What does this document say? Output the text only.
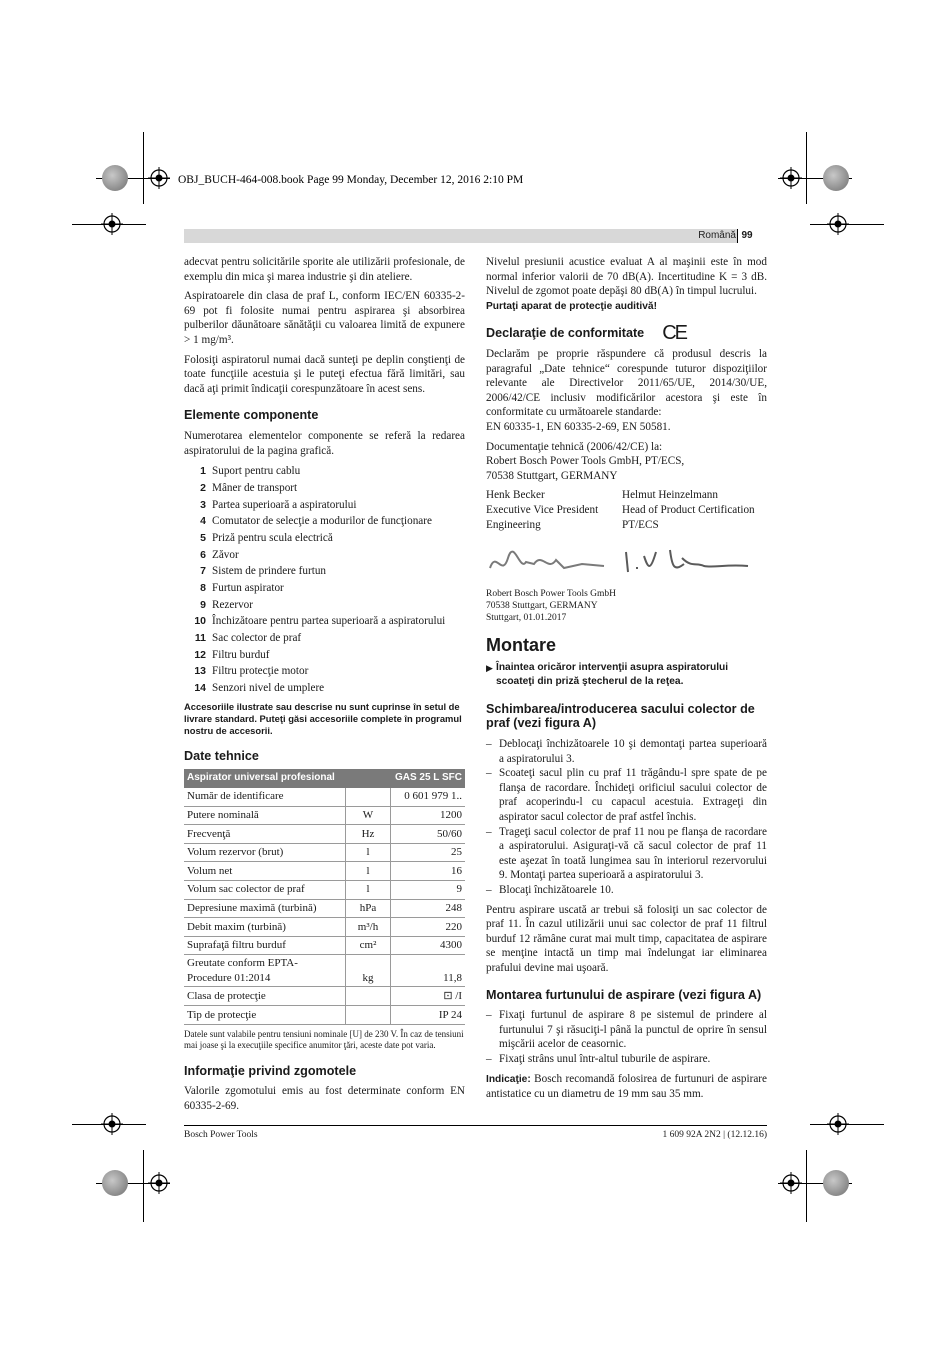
OBJ_BUCH-464-008.book Page 99 Monday, December 12, 2016 2:10 PM
Română 99

adecvat pentru solicitările sporite ale utilizării profesionale, de exemplu din mica şi marea industrie şi din ateliere.

Aspiratoarele din clasa de praf L, conform IEC/EN 60335-2-69 pot fi folosite numai pentru aspirarea şi absorbirea pulberilor dăunătoare sănătăţii cu valoarea limită de expunere > 1 mg/m³.

Folosiţi aspiratorul numai dacă sunteţi pe deplin conştienţi de toate funcţiile acestuia şi le puteţi efectua fără limitări, sau dacă aţi primit îndicaţii corespunzătoare în acest sens.

Elemente componente

Numerotarea elementelor componente se referă la redarea aspiratorului de la pagina grafică.

1 Suport pentru cablu
2 Mâner de transport
3 Partea superioară a aspiratorului
4 Comutator de selecţie a modurilor de funcţionare
5 Priză pentru scula electrică
6 Zăvor
7 Sistem de prindere furtun
8 Furtun aspirator
9 Rezervor
10 Închizătoare pentru partea superioară a aspiratorului
11 Sac colector de praf
12 Filtru burduf
13 Filtru protecţie motor
14 Senzori nivel de umplere
Accesoriile ilustrate sau descrise nu sunt cuprinse în setul de livrare standard. Puteţi găsi accesoriile complete în programul nostru de accesorii.
Date tehnice
Aspirator universal profesional		GAS 25 L SFC
Număr de identificare		0 601 979 1..
Putere nominală	W	1200
Frecvenţă	Hz	50/60
Volum rezervor (brut)	l	25
Volum net	l	16
Volum sac colector de praf	l	9
Depresiune maximă (turbină)	hPa	248
Debit maxim (turbină)	m³/h	220
Suprafaţă filtru burduf	cm²	4300
Greutate conform EPTA-Procedure 01:2014	kg	11,8
Clasa de protecţie		⊡ /I
Tip de protecţie		IP 24
Datele sunt valabile pentru tensiuni nominale [U] de 230 V. În caz de tensiuni mai joase şi la execuţiile specifice anumitor ţări, aceste date pot varia.
Informaţie privind zgomotele

Valorile zgomotului emis au fost determinate conform EN 60335-2-69.

Nivelul presiunii acustice evaluat A al maşinii este în mod normal inferior valorii de 70 dB(A). Incertitudine K = 3 dB. Nivelul de zgomot poate depăşi 80 dB(A) în timpul lucrului.

Purtaţi aparat de protecţie auditivă!

Declaraţie de conformitate CE

Declarăm pe proprie răspundere că produsul descris la paragraful „Date tehnice“ corespunde tuturor dispoziţiilor relevante ale Directivelor 2011/65/UE, 2014/30/UE, 2006/42/CE inclusiv modificărilor acestora şi este în conformitate cu următoarele standarde:

EN 60335-1, EN 60335-2-69, EN 50581.

Documentaţie tehnică (2006/42/CE) la:
Robert Bosch Power Tools GmbH, PT/ECS,
70538 Stuttgart, GERMANY
Henk Becker
Executive Vice President
Engineering
Helmut Heinzelmann
Head of Product Certification
PT/ECS
Robert Bosch Power Tools GmbH
70538 Stuttgart, GERMANY
Stuttgart, 01.01.2017
Montare
▶ Înaintea oricăror intervenţii asupra aspiratorului scoateţi din priză ştecherul de la reţea.
Schimbarea/introducerea sacului colector de praf (vezi figura A)
– Deblocaţi închizătoarele 10 şi demontaţi partea superioară a aspiratorului 3.
– Scoateţi sacul plin cu praf 11 trăgându-l spre spate de pe flanşa de racordare. Închideţi orificiul sacului colector de praf acoperindu-l cu capacul acestuia. Extrageţi din aspirator sacul colector de praf astfel închis.
– Trageţi sacul colector de praf 11 nou pe flanşa de racordare a aspiratorului. Asiguraţi-vă că sacul colector de praf 11 este aşezat în toată lungimea sau în interiorul rezervorului 9. Montaţi partea superioară a aspiratorului 3.
– Blocaţi închizătoarele 10.

Pentru aspirare uscată ar trebui să folosiţi un sac colector de praf 11. În cazul utilizării unui sac colector de praf 11 filtrul burduf 12 rămâne curat mai mult timp, capacitatea de aspirare se menţine intactă un timp mai îndelungat iar eliminarea prafului devine mai uşoară.

Montarea furtunului de aspirare (vezi figura A)
– Fixaţi furtunul de aspirare 8 pe sistemul de prindere al furtunului 7 şi răsuciţi-l până la punctul de oprire în sensul mişcării acelor de ceasornic.
– Fixaţi strâns unul într-altul tuburile de aspirare.

Indicaţie: Bosch recomandă folosirea de furtunuri de aspirare antistatice cu un diametru de 19 mm sau 35 mm.

Bosch Power Tools	1 609 92A 2N2 | (12.12.16)
